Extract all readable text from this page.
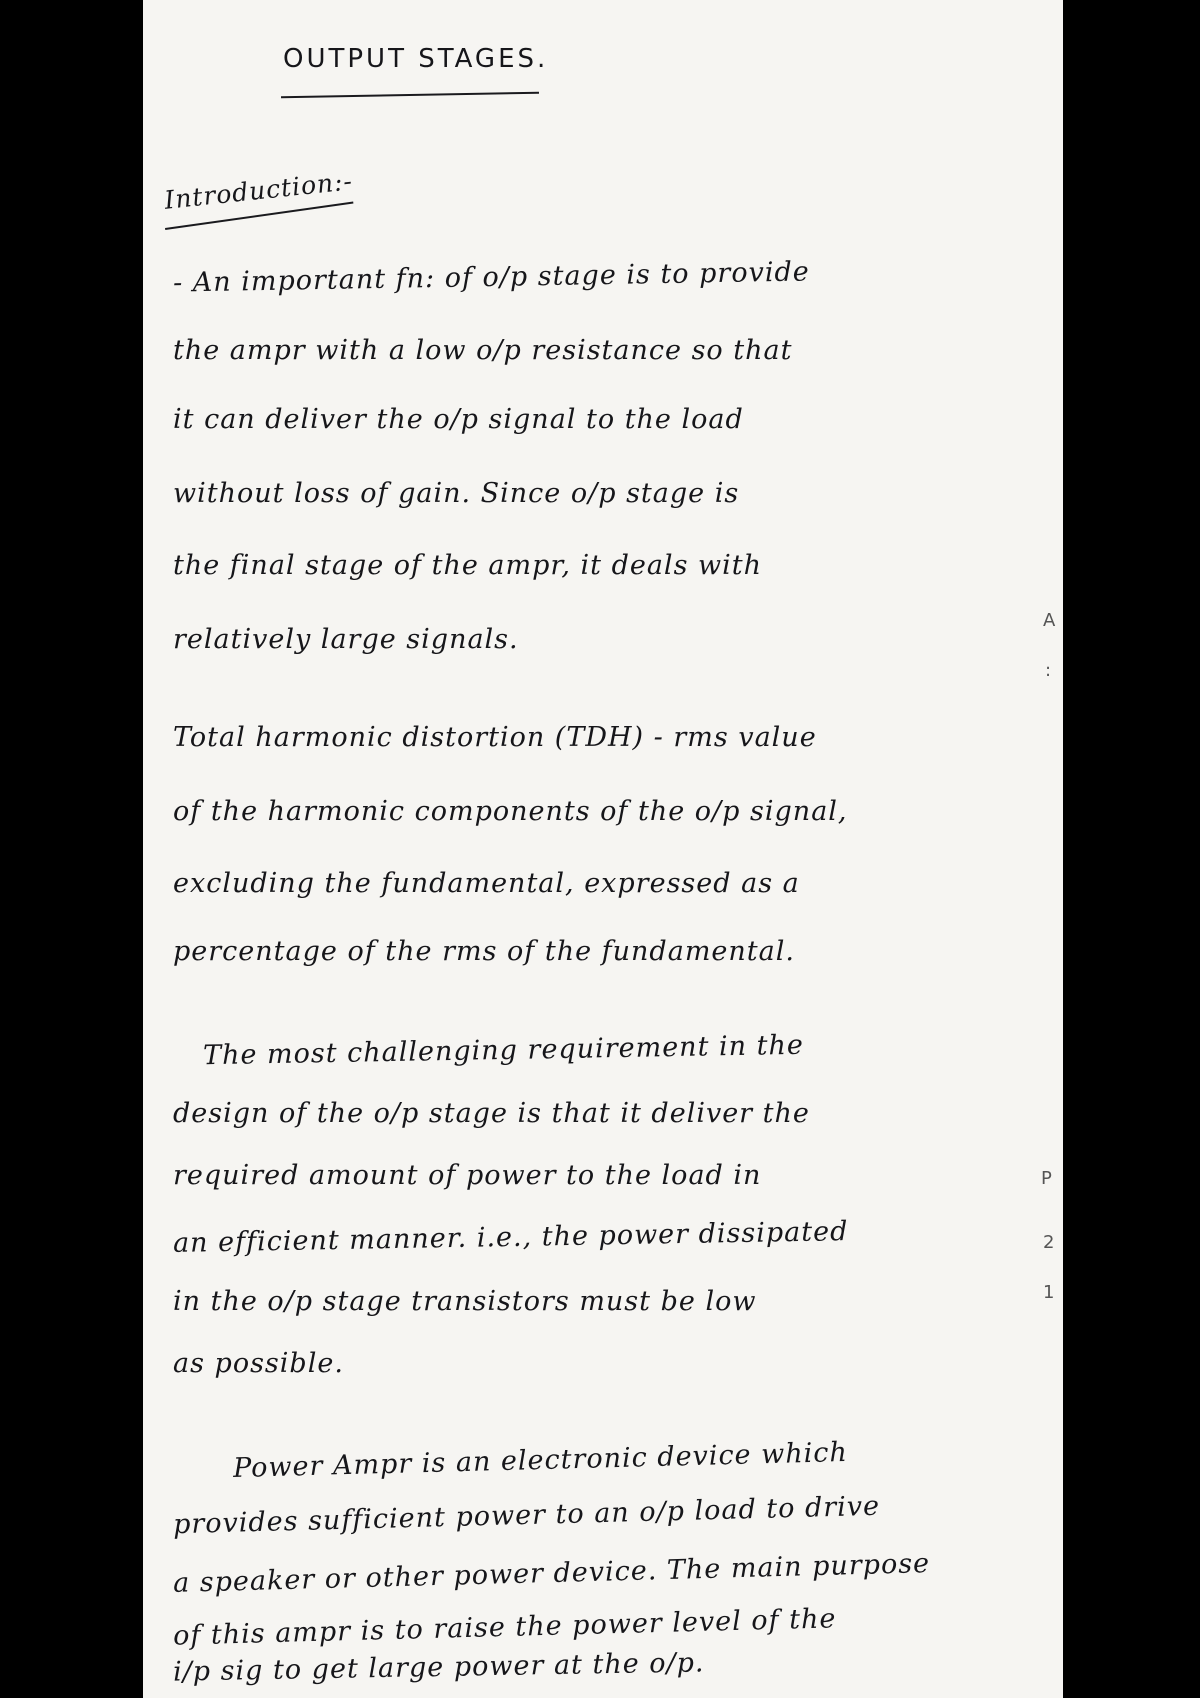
OUTPUT STAGES.
Introduction:-
- An important fn: of o/p stage is to provide
the ampr with a low o/p resistance so that
it can deliver the o/p signal to the load
without loss of gain. Since o/p stage is
the final stage of the ampr, it deals with
relatively large signals.
Total harmonic distortion (TDH) - rms value
of the harmonic components of the o/p signal,
excluding the fundamental, expressed as a
percentage of the rms of the fundamental.
The most challenging requirement in the
design of the o/p stage is that it deliver the
required amount of power to the load in
an efficient manner. i.e., the power dissipated
in the o/p stage transistors must be low
as possible.
Power Ampr is an electronic device which
provides sufficient power to an o/p load to drive
a speaker or other power device. The main purpose
of this ampr is to raise the power level of the
i/p sig to get large power at the o/p.
A
:
P
2
1
